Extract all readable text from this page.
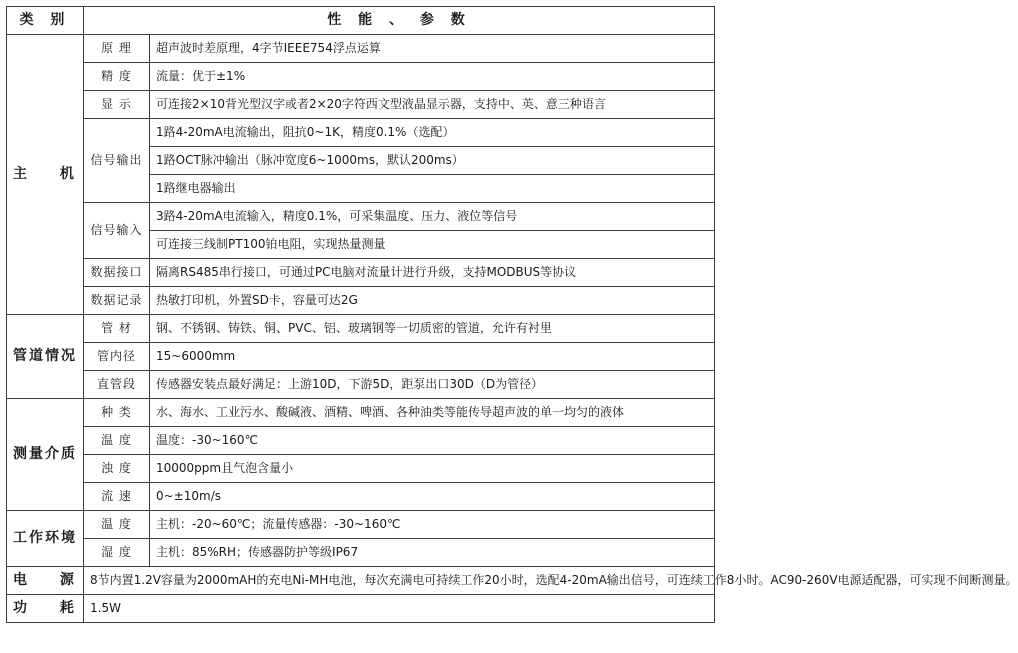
类 别	性 能 、 参 数	
主 机	原 理	超声波时差原理，4字节IEEE754浮点运算
	精 度	流量：优于±1%
	显 示	可连接2×10背光型汉字或者2×20字符西文型液晶显示器，支持中、英、意三种语言
	信号输出	1路4-20mA电流输出，阻抗0~1K，精度0.1%（选配）
		1路OCT脉冲输出（脉冲宽度6~1000ms，默认200ms）
		1路继电器输出
	信号输入	3路4-20mA电流输入，精度0.1%，可采集温度、压力、液位等信号
		可连接三线制PT100铂电阻，实现热量测量
	数据接口	隔离RS485串行接口，可通过PC电脑对流量计进行升级，支持MODBUS等协议
	数据记录	热敏打印机，外置SD卡，容量可达2G
管道情况	管 材	钢、不锈钢、铸铁、铜、PVC、铝、玻璃钢等一切质密的管道，允许有衬里
	管内径	15~6000mm
	直管段	传感器安装点最好满足：上游10D，下游5D，距泵出口30D（D为管径）
测量介质	种 类	水、海水、工业污水、酸碱液、酒精、啤酒、各种油类等能传导超声波的单一均匀的液体
	温 度	温度：-30~160℃
	浊 度	10000ppm且气泡含量小
	流 速	0~±10m/s
工作环境	温 度	主机：-20~60℃；流量传感器：-30~160℃
	湿 度	主机：85%RH；传感器防护等级IP67
电 源	8节内置1.2V容量为2000mAH的充电Ni-MH电池，每次充满电可持续工作20小时，选配4-20mA输出信号，可连续工作8小时。AC90-260V电源适配器，可实现不间断测量。	
功 耗	1.5W	
